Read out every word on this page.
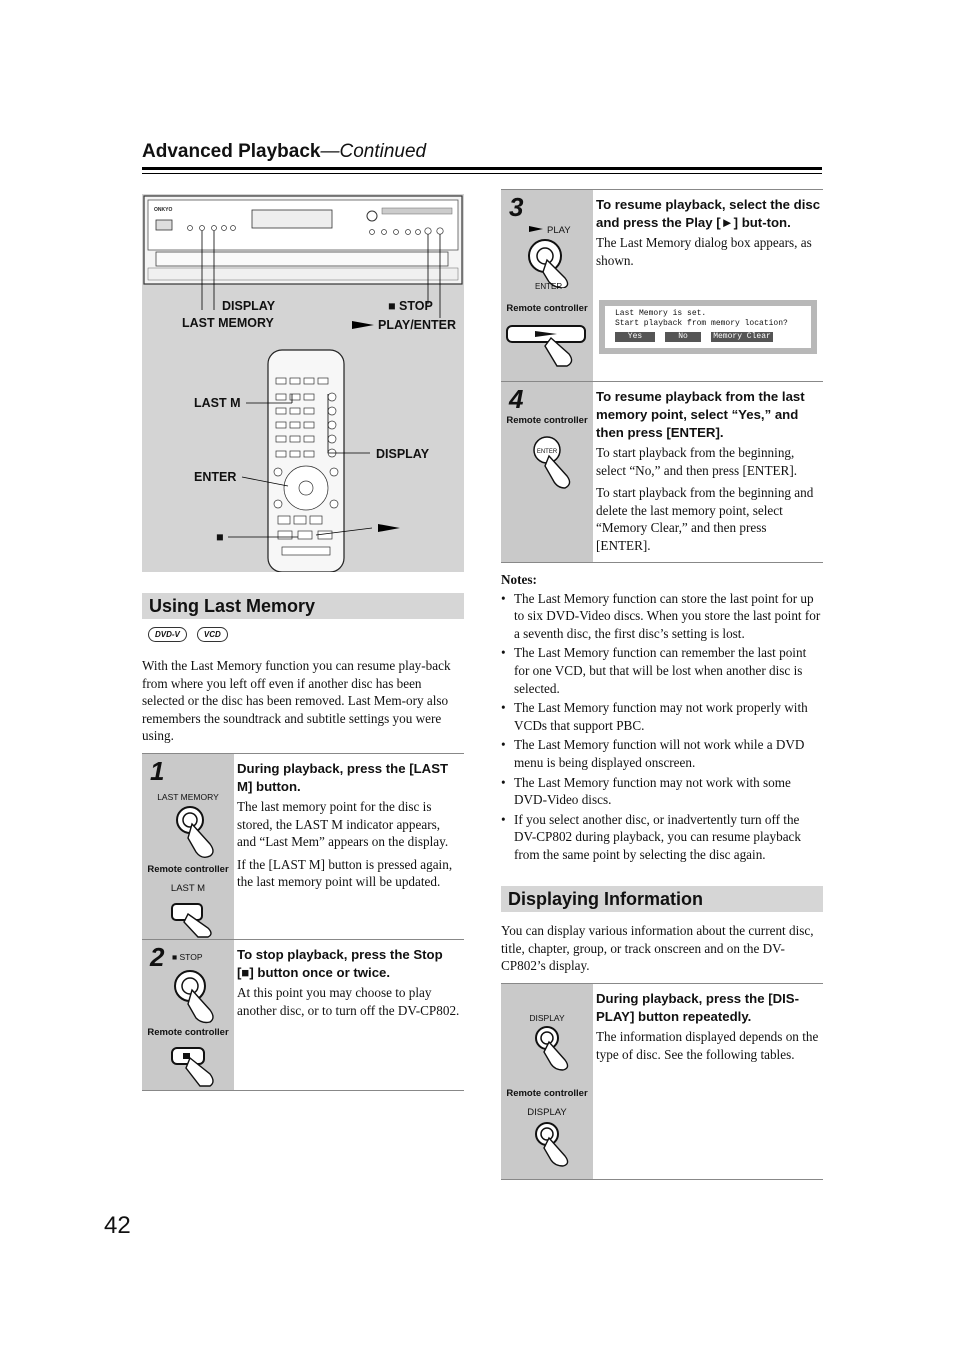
Advanced Playback—Continued
ONKYO
DISPLAY
LAST MEMORY
■ STOP
PLAY/ENTER
LAST M
DISPLAY
ENTER
■
Using Last Memory
DVD-V	VCD
With the Last Memory function you can resume play-back from where you left off even if another disc has been selected or the disc has been removed. Last Mem-ory also remembers the soundtrack and subtitle settings you were using.
1
LAST MEMORY
Remote controller
LAST M
During playback, press the [LAST M] button.
The last memory point for the disc is stored, the LAST M indicator appears, and “Last Mem” appears on the display.
If the [LAST M] button is pressed again, the last memory point will be updated.
2 ■ STOP
Remote controller
To stop playback, press the Stop [■] button once or twice.
At this point you may choose to play another disc, or to turn off the DV-CP802.
3
PLAY
ENTER
Remote controller
To resume playback, select the disc and press the Play [►] but-ton.
The Last Memory dialog box appears, as shown.
Last Memory is set.
Start playback from memory location?
Yes	No	Memory Clear
4
Remote controller
ENTER
To resume playback from the last memory point, select “Yes,” and then press [ENTER].
To start playback from the beginning, select “No,” and then press [ENTER].
To start playback from the beginning and delete the last memory point, select “Memory Clear,” and then press [ENTER].

Notes:

• The Last Memory function can store the last point for up to six DVD-Video discs. When you store the last point for a seventh disc, the first disc’s setting is lost.
• The Last Memory function can remember the last point for one VCD, but that will be lost when another disc is selected.
• The Last Memory function may not work properly with VCDs that support PBC.
• The Last Memory function will not work while a DVD menu is being displayed onscreen.
• The Last Memory function may not work with some DVD-Video discs.
• If you select another disc, or inadvertently turn off the DV-CP802 during playback, you can resume playback from the same point by selecting the disc again.
Displaying Information
You can display various information about the current disc, title, chapter, group, or track onscreen and on the DV-CP802’s display.
DISPLAY
Remote controller
DISPLAY
During playback, press the [DIS-PLAY] button repeatedly.
The information displayed depends on the type of disc. See the following tables.
42
